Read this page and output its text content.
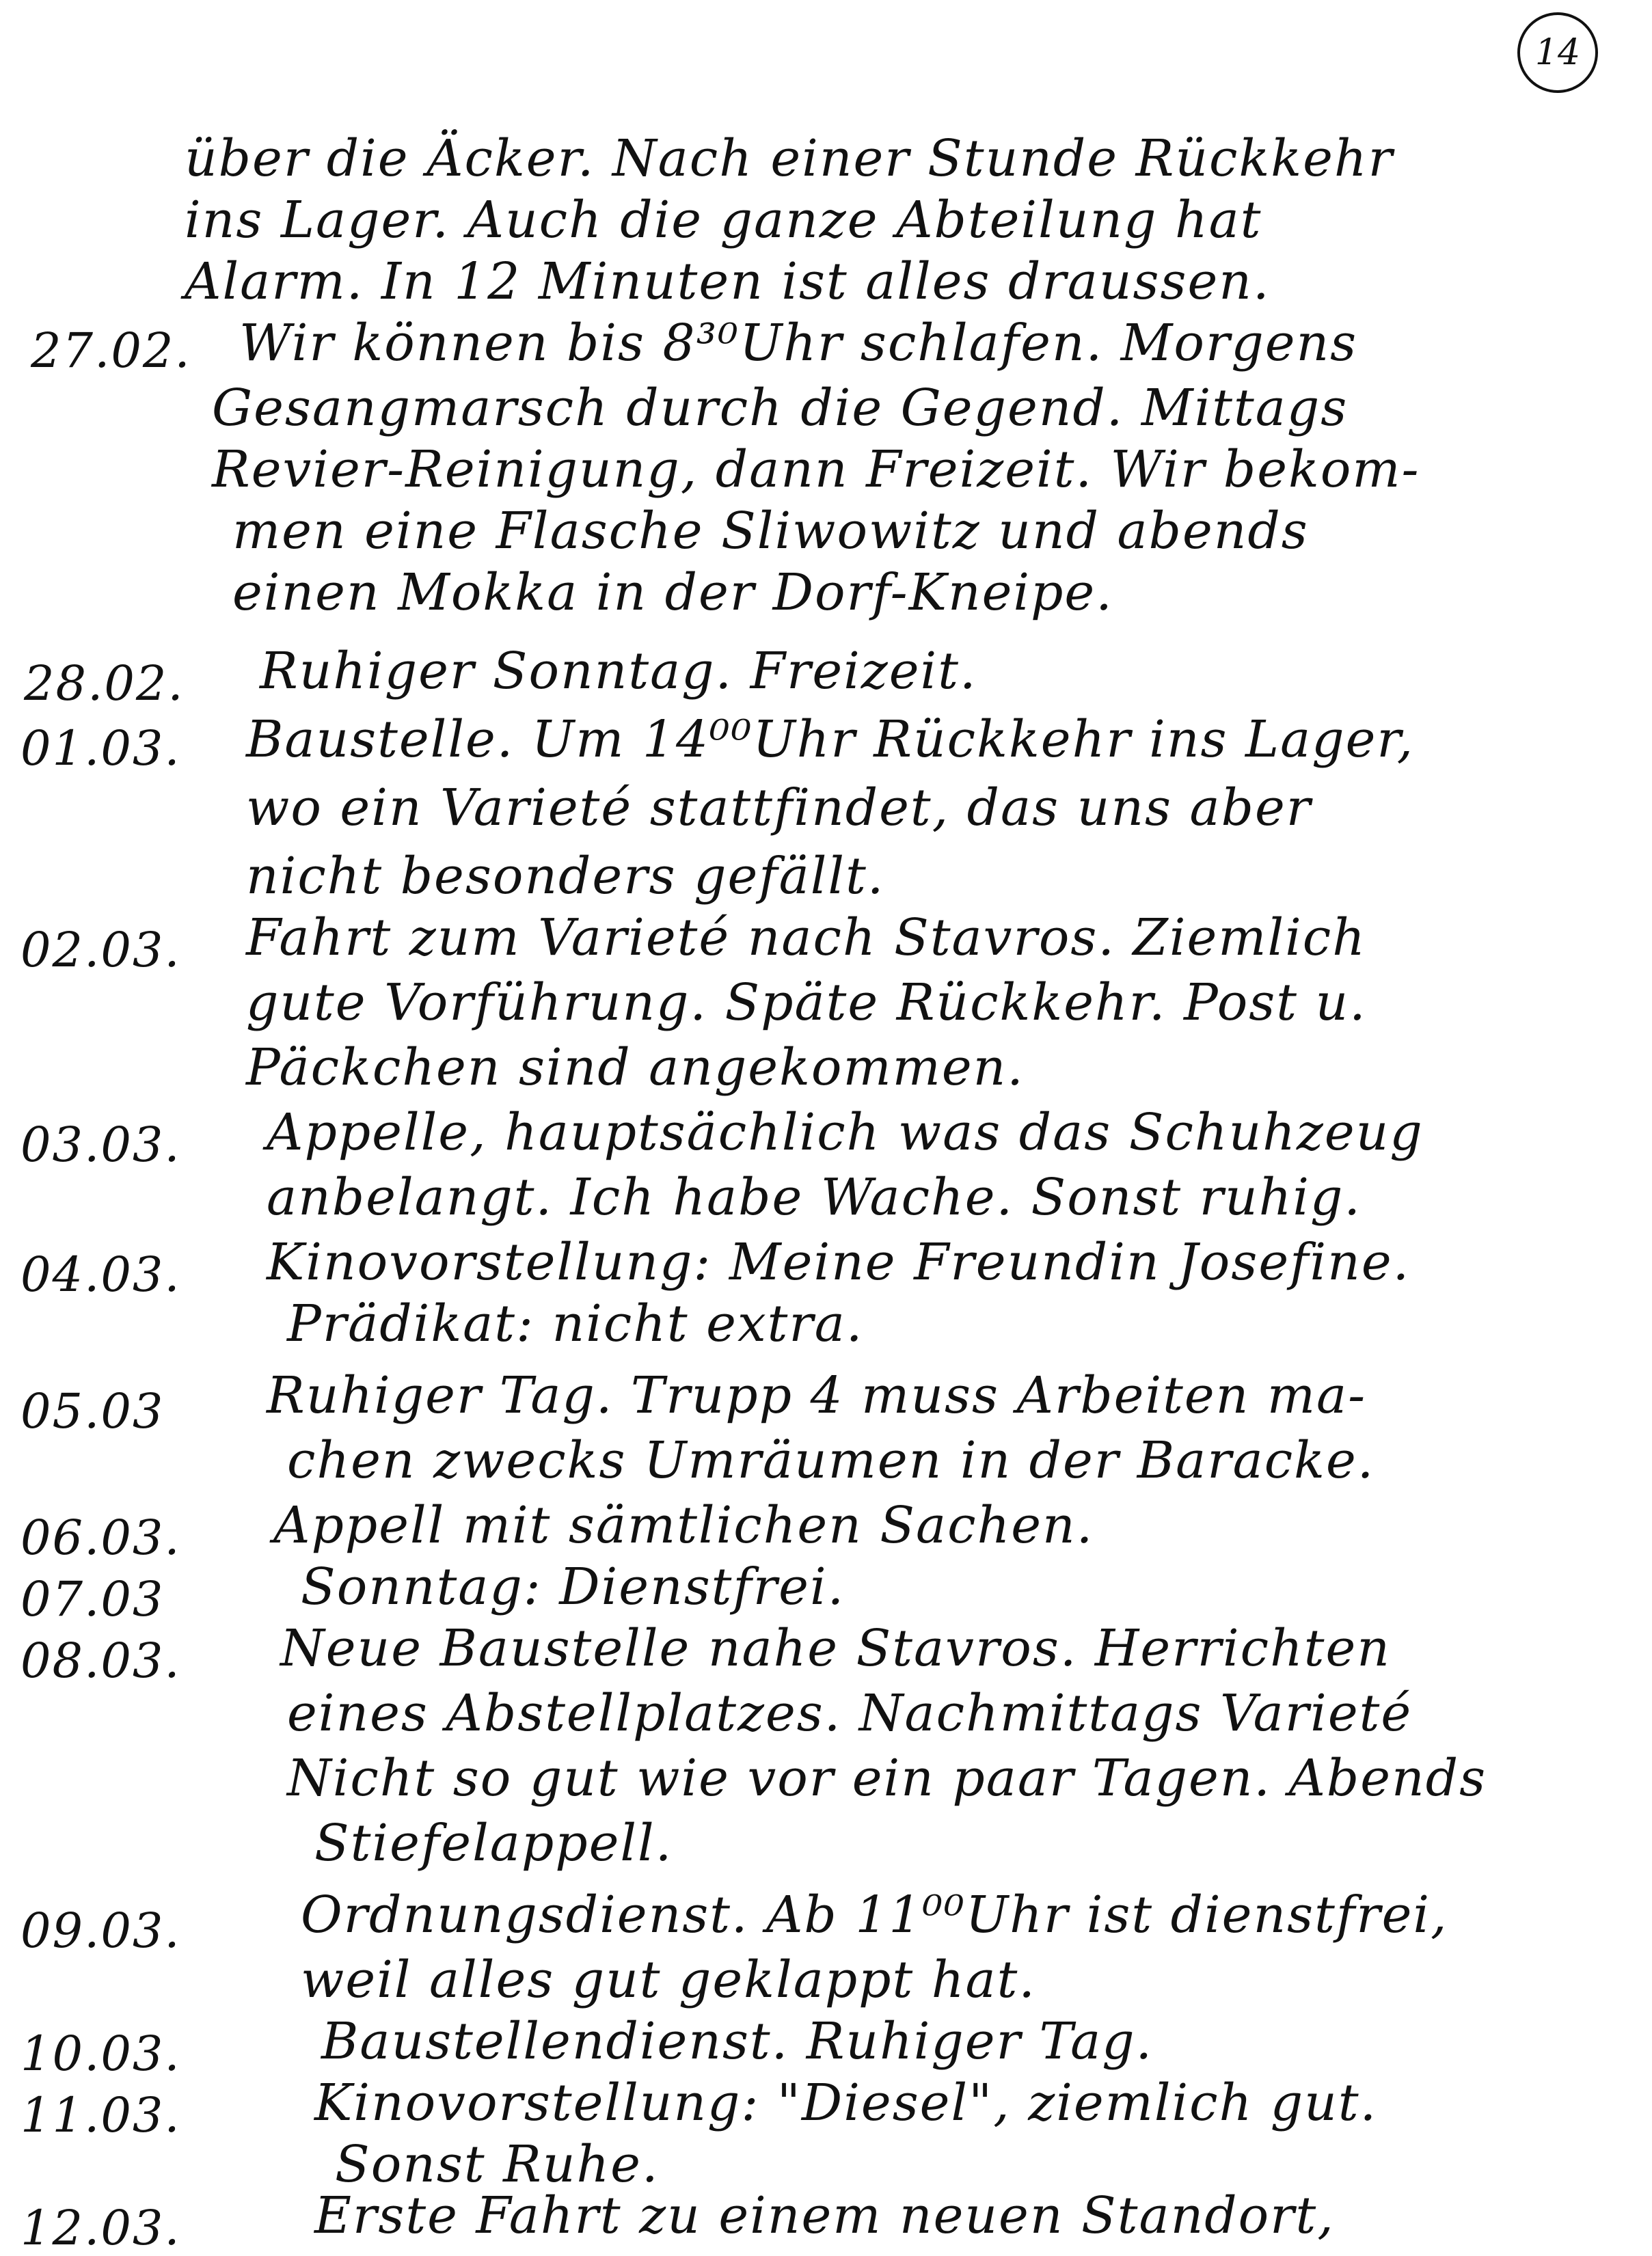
14
über die Äcker. Nach einer Stunde Rückkehr
ins Lager. Auch die ganze Abteilung hat
Alarm. In 12 Minuten ist alles draussen.
27.02. Wir können bis 8³⁰Uhr schlafen. Morgens
Gesangmarsch durch die Gegend. Mittags
Revier-Reinigung, dann Freizeit. Wir bekom-
men eine Flasche Sliwowitz und abends
einen Mokka in der Dorf-Kneipe.
28.02. Ruhiger Sonntag. Freizeit.
01.03. Baustelle. Um 14⁰⁰Uhr Rückkehr ins Lager,
wo ein Varieté stattfindet, das uns aber
nicht besonders gefällt.
02.03. Fahrt zum Varieté nach Stavros. Ziemlich
gute Vorführung. Späte Rückkehr. Post u.
Päckchen sind angekommen.
03.03. Appelle, hauptsächlich was das Schuhzeug
anbelangt. Ich habe Wache. Sonst ruhig.
04.03. Kinovorstellung: Meine Freundin Josefine.
Prädikat: nicht extra.
05.03 Ruhiger Tag. Trupp 4 muss Arbeiten ma-
chen zwecks Umräumen in der Baracke.
06.03. Appell mit sämtlichen Sachen.
07.03	Sonntag: Dienstfrei.
08.03. Neue Baustelle nahe Stavros. Herrichten
eines Abstellplatzes. Nachmittags Varieté
Nicht so gut wie vor ein paar Tagen. Abends
Stiefelappell.
09.03. Ordnungsdienst. Ab 11⁰⁰Uhr ist dienstfrei,
weil alles gut geklappt hat.
10.03.	Baustellendienst. Ruhiger Tag.
11.03.	Kinovorstellung: "Diesel", ziemlich gut.
Sonst Ruhe.
12.03.	Erste Fahrt zu einem neuen Standort,
